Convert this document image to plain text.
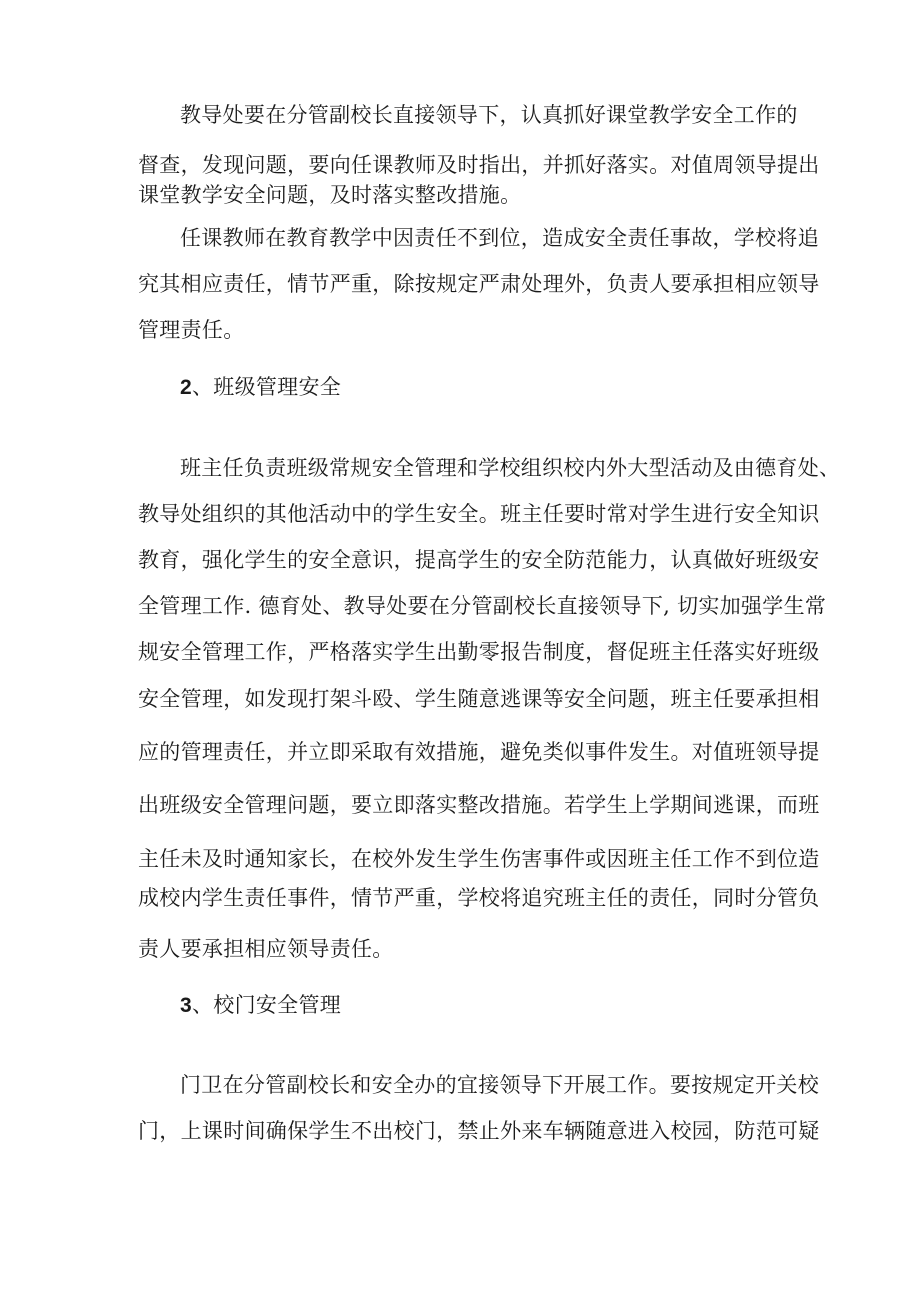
教导处要在分管副校长直接领导下，认真抓好课堂教学安全工作的
督查，发现问题，要向任课教师及时指出，并抓好落实。对值周领导提出
课堂教学安全问题，及时落实整改措施。
任课教师在教育教学中因责任不到位，造成安全责任事故，学校将追
究其相应责任，情节严重，除按规定严肃处理外，负责人要承担相应领导
管理责任。
2、班级管理安全
班主任负责班级常规安全管理和学校组织校内外大型活动及由德育处、
教导处组织的其他活动中的学生安全。班主任要时常对学生进行安全知识
教育，强化学生的安全意识，提高学生的安全防范能力，认真做好班级安
全管理工作. 德育处、教导处要在分管副校长直接领导下, 切实加强学生常
规安全管理工作，严格落实学生出勤零报告制度，督促班主任落实好班级
安全管理，如发现打架斗殴、学生随意逃课等安全问题，班主任要承担相
应的管理责任，并立即采取有效措施，避免类似事件发生。对值班领导提
出班级安全管理问题，要立即落实整改措施。若学生上学期间逃课，而班
主任未及时通知家长，在校外发生学生伤害事件或因班主任工作不到位造
成校内学生责任事件，情节严重，学校将追究班主任的责任，同时分管负
责人要承担相应领导责任。
3、校门安全管理
门卫在分管副校长和安全办的宜接领导下开展工作。要按规定开关校
门，上课时间确保学生不出校门，禁止外来车辆随意进入校园，防范可疑
